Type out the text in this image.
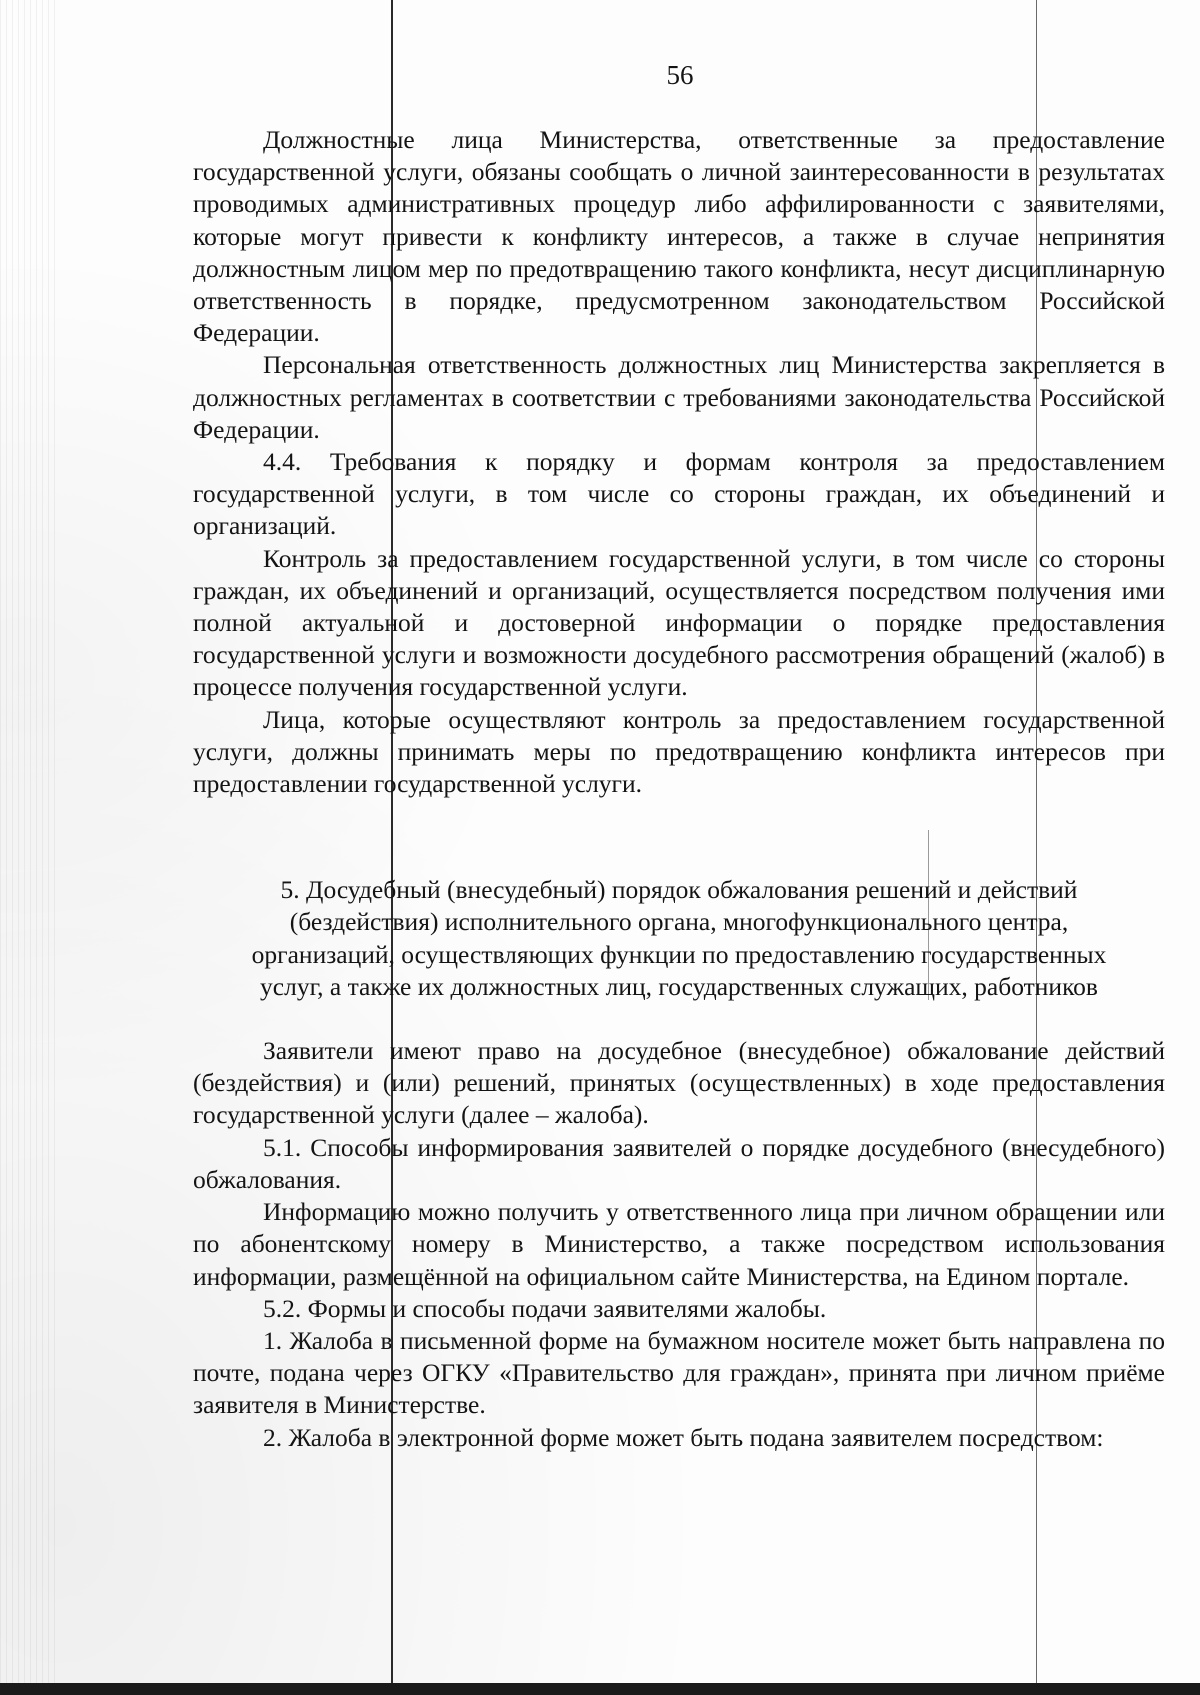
56

Должностные лица Министерства, ответственные за предоставление государственной услуги, обязаны сообщать о личной заинтересованности в результатах проводимых административных процедур либо аффилированности с заявителями, которые могут привести к конфликту интересов, а также в случае непринятия должностным лицом мер по предотвращению такого конфликта, несут дисциплинарную ответственность в порядке, предусмотренном законодательством Российской Федерации.

Персональная ответственность должностных лиц Министерства закрепляется в должностных регламентах в соответствии с требованиями законодательства Российской Федерации.

4.4. Требования к порядку и формам контроля за предоставлением государственной услуги, в том числе со стороны граждан, их объединений и организаций.

Контроль за предоставлением государственной услуги, в том числе со стороны граждан, их объединений и организаций, осуществляется посредством получения ими полной актуальной и достоверной информации о порядке предоставления государственной услуги и возможности досудебного рассмотрения обращений (жалоб) в процессе получения государственной услуги.

Лица, которые осуществляют контроль за предоставлением государственной услуги, должны принимать меры по предотвращению конфликта интересов при предоставлении государственной услуги.

5. Досудебный (внесудебный) порядок обжалования решений и действий
(бездействия) исполнительного органа, многофункционального центра,
организаций, осуществляющих функции по предоставлению государственных
услуг, а также их должностных лиц, государственных служащих, работников

Заявители имеют право на досудебное (внесудебное) обжалование действий (бездействия) и (или) решений, принятых (осуществленных) в ходе предоставления государственной услуги (далее – жалоба).

5.1. Способы информирования заявителей о порядке досудебного (внесудебного) обжалования.

Информацию можно получить у ответственного лица при личном обращении или по абонентскому номеру в Министерство, а также посредством использования информации, размещённой на официальном сайте Министерства, на Едином портале.

5.2. Формы и способы подачи заявителями жалобы.

1. Жалоба в письменной форме на бумажном носителе может быть направлена по почте, подана через ОГКУ «Правительство для граждан», принята при личном приёме заявителя в Министерстве.

2. Жалоба в электронной форме может быть подана заявителем посредством:
